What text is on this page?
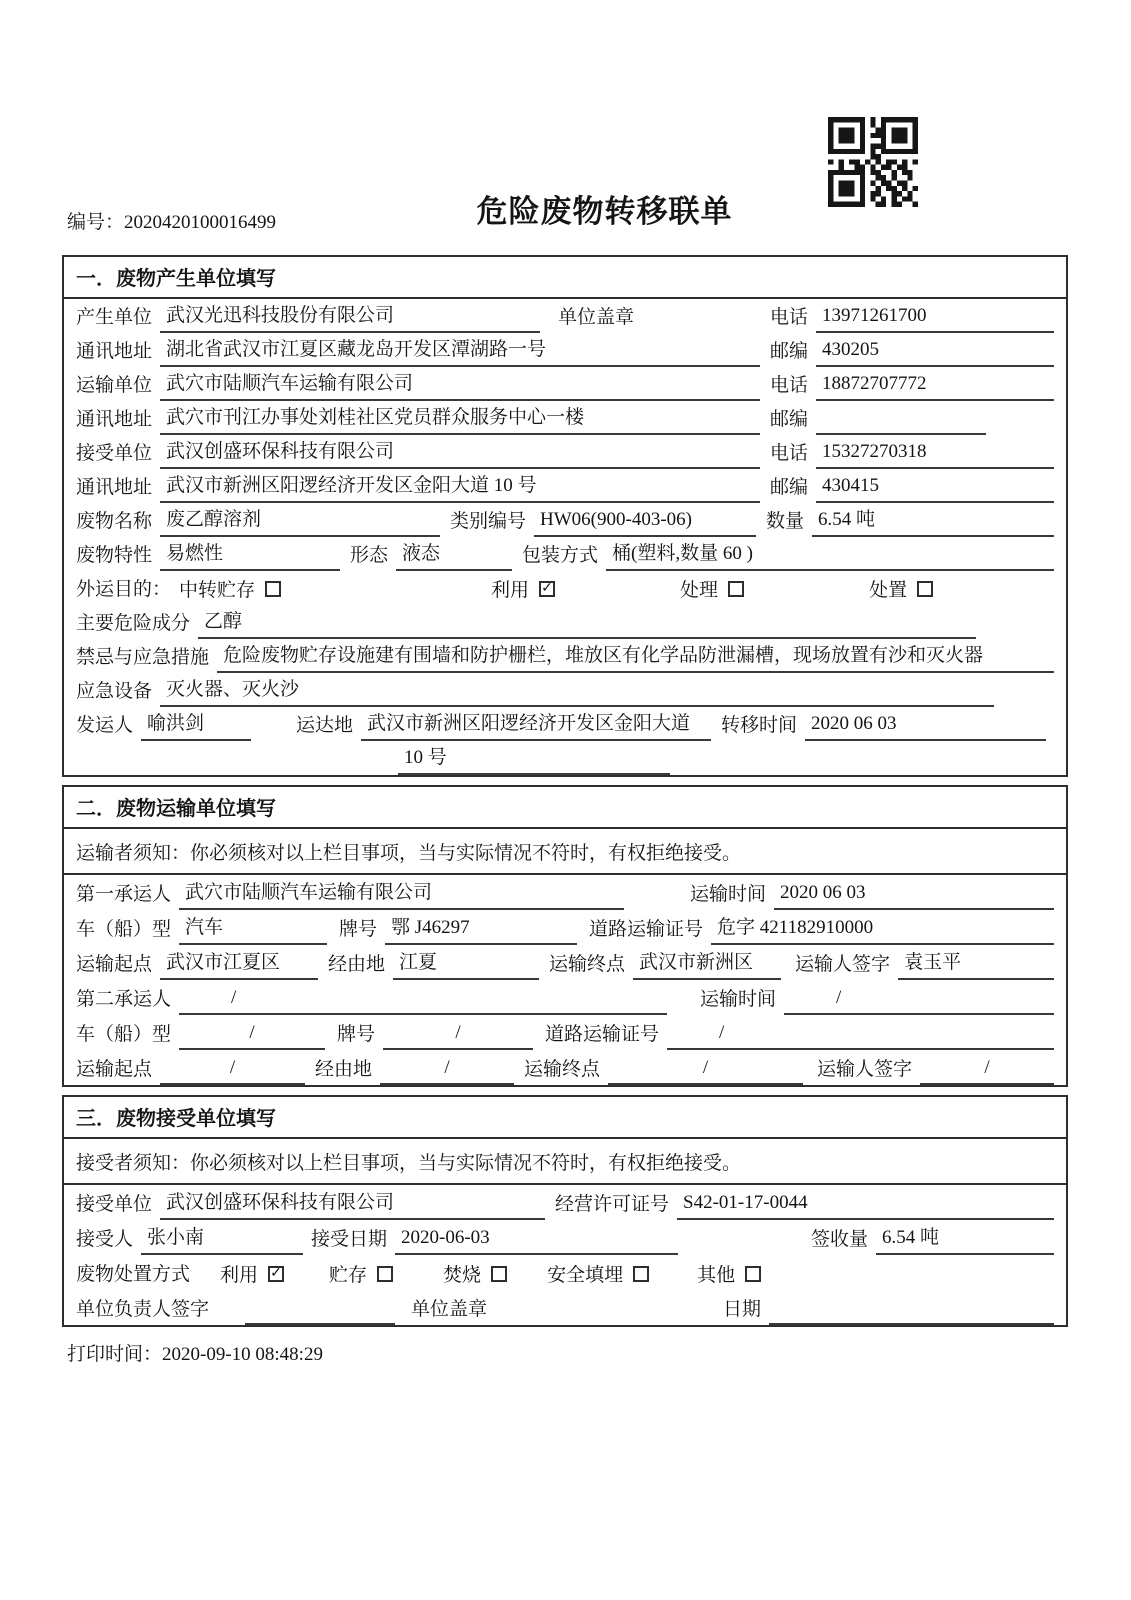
编号：2020420100016499	危险废物转移联单
一．废物产生单位填写
产生单位 武汉光迅科技股份有限公司	单位盖章	电话 13971261700
通讯地址 湖北省武汉市江夏区藏龙岛开发区潭湖路一号	邮编 430205
运输单位 武穴市陆顺汽车运输有限公司	电话 18872707772
通讯地址 武穴市刊江办事处刘桂社区党员群众服务中心一楼	邮编
接受单位 武汉创盛环保科技有限公司	电话 15327270318
通讯地址 武汉市新洲区阳逻经济开发区金阳大道 10 号	邮编 430415
废物名称 废乙醇溶剂	类别编号 HW06(900-403-06)	数量 6.54 吨
废物特性 易燃性	形态 液态	包装方式 桶(塑料,数量 60 )
外运目的： 中转贮存	利用 ✓	处理	处置
主要危险成分 乙醇
禁忌与应急措施 危险废物贮存设施建有围墙和防护栅栏，堆放区有化学品防泄漏槽，现场放置有沙和灭火器
应急设备 灭火器、灭火沙
发运人 喻洪剑	运达地 武汉市新洲区阳逻经济开发区金阳大道	转移时间 2020 06 03
10 号
二．废物运输单位填写
运输者须知：你必须核对以上栏目事项，当与实际情况不符时，有权拒绝接受。
第一承运人 武穴市陆顺汽车运输有限公司	运输时间 2020 06 03
车（船）型 汽车	牌号 鄂 J46297	道路运输证号 危字 421182910000
运输起点 武汉市江夏区	经由地 江夏	运输终点 武汉市新洲区	运输人签字 袁玉平
第二承运人	/	运输时间	/
车（船）型	/	牌号	/	道路运输证号	/
运输起点	/	经由地	/	运输终点	/	运输人签字	/
三．废物接受单位填写
接受者须知：你必须核对以上栏目事项，当与实际情况不符时，有权拒绝接受。
接受单位 武汉创盛环保科技有限公司	经营许可证号 S42-01-17-0044
接受人 张小南	接受日期 2020-06-03	签收量 6.54 吨
废物处置方式 利用 ✓ 贮存	焚烧	安全填埋	其他
单位负责人签字	单位盖章	日期
打印时间：2020-09-10 08:48:29
